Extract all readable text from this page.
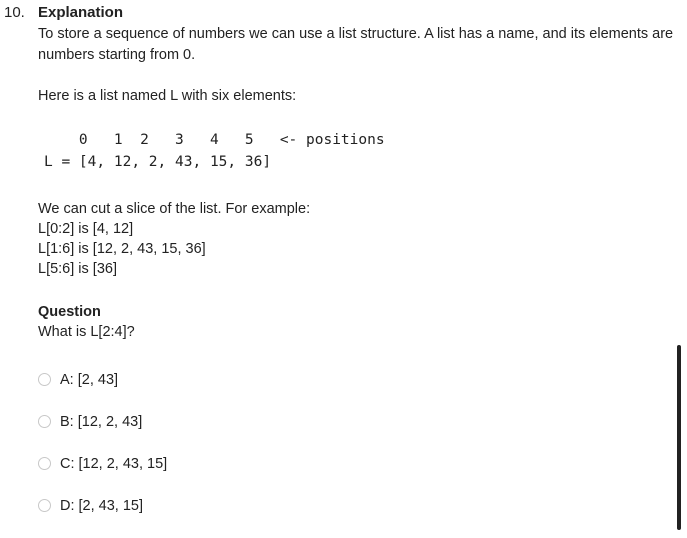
10. Explanation
To store a sequence of numbers we can use a list structure. A list has a name, and its elements are
numbers starting from 0.
Here is a list named L with six elements:
0 1 2 3 4 5 <- positions
L = [4, 12, 2, 43, 15, 36]
We can cut a slice of the list. For example:
L[0:2] is [4, 12]
L[1:6] is [12, 2, 43, 15, 36]
L[5:6] is [36]
Question
What is L[2:4]?
A: [2, 43]
B: [12, 2, 43]
C: [12, 2, 43, 15]
D: [2, 43, 15]
